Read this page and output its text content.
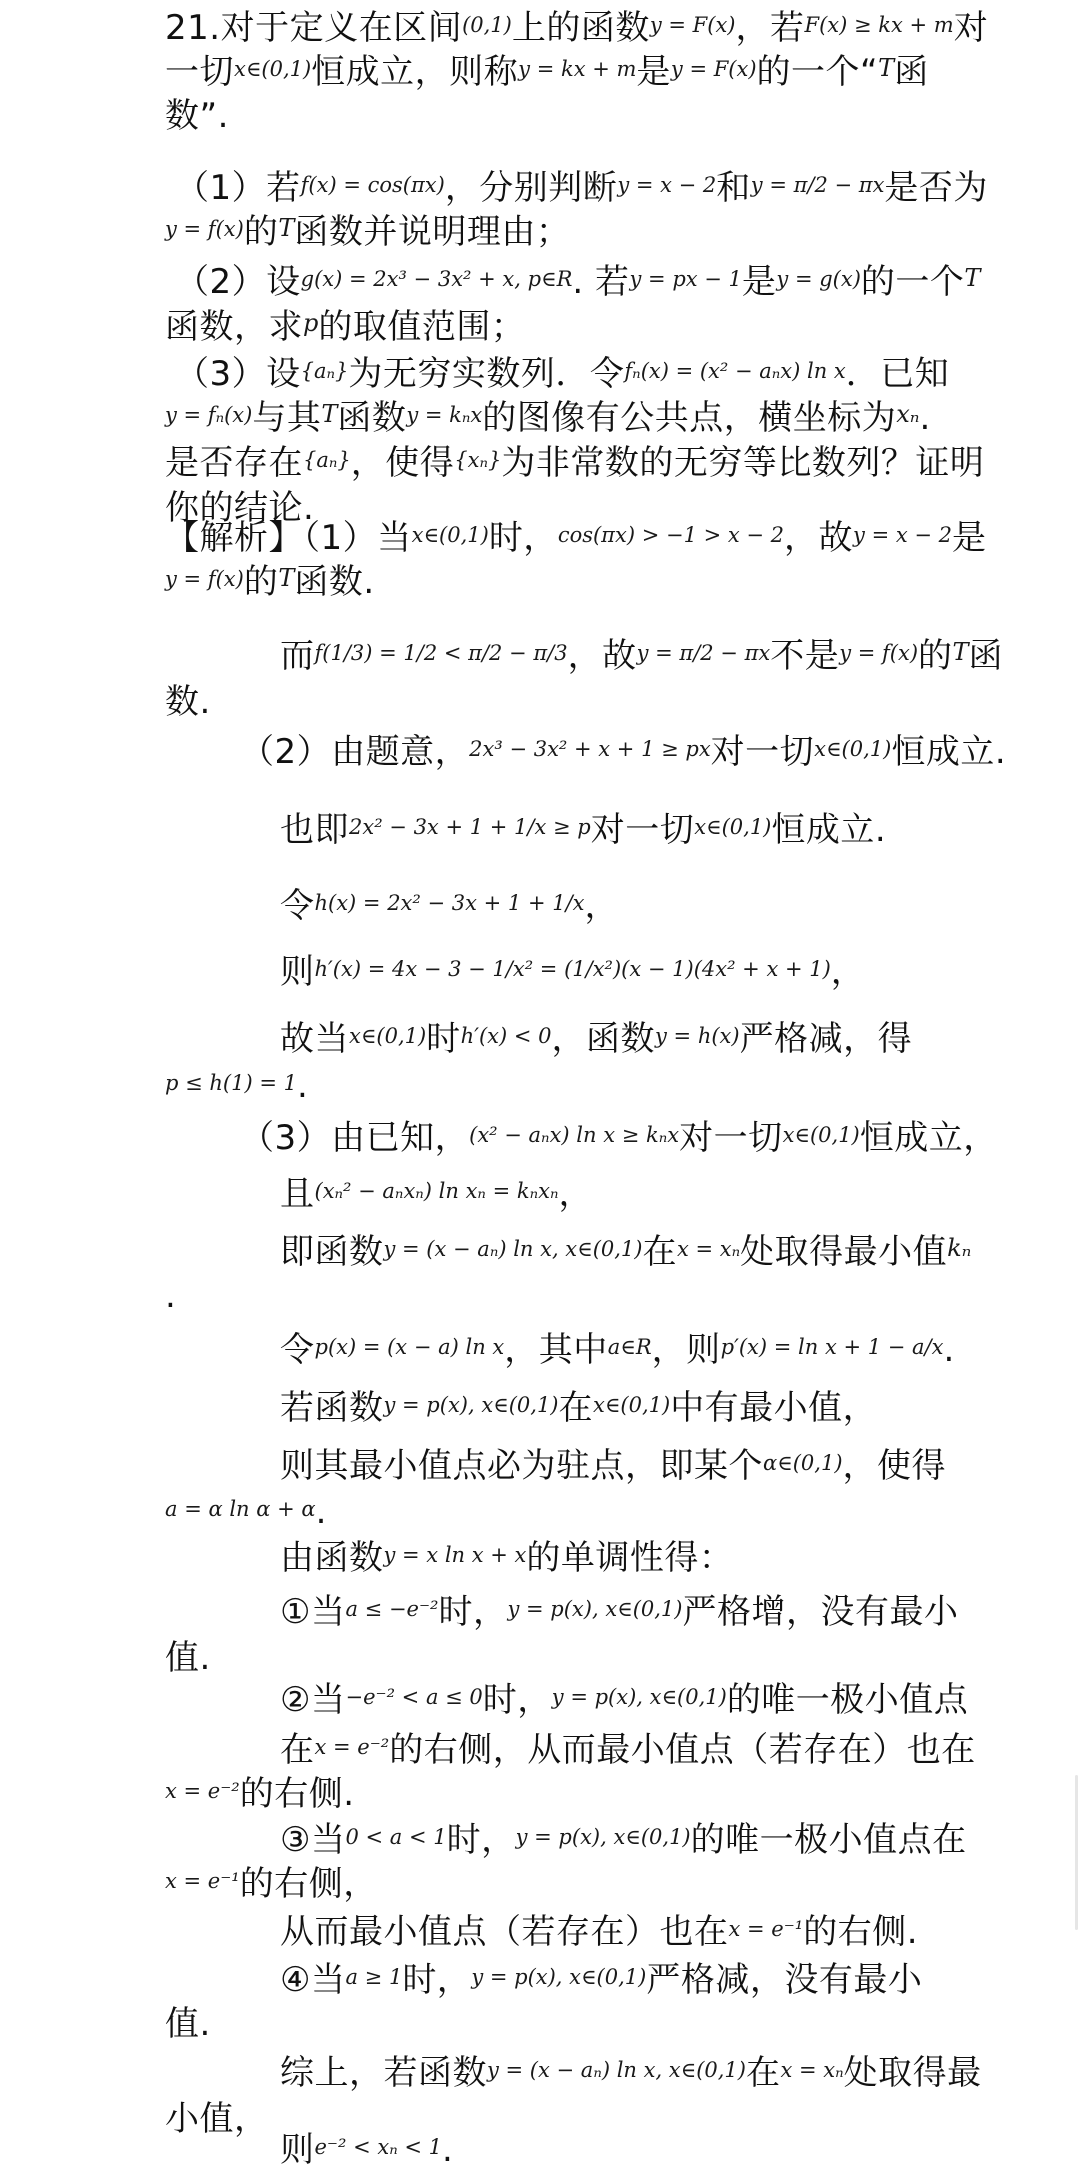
21.对于定义在区间$^{(0,1)}$上的函数$^{y = F(x)}$，若$^{F(x) \ge kx + m}$对
一切$^{x\in(0,1)}$恒成立，则称$^{y = kx + m}$是$^{y = F(x)}$的一个“$^T$函
数”.
（1）若$^{f(x) = cos(\pi x)}$，分别判断$^{y = x - 2}$和$^{y = \pi/2 - \pi x}$是否为
$^{y = f(x)}$的$^T$函数并说明理由；
（2）设$^{g(x) = 2x^3 - 3x^2 + x, p\in R}$. 若$^{y = px - 1}$是$^{y = g(x)}$的一个$^T$
函数，求$^p$的取值范围；
（3）设$^{\{a_n\}}$为无穷实数列．令$^{f_n(x) = (x^2 - a_nx) ln x}$．已知
$^{y = f_n(x)}$与其$^T$函数$^{y = k_nx}$的图像有公共点，横坐标为$^{x_n}$.
是否存在$^{\{a_n\}}$，使得$^{\{x_n\}}$为非常数的无穷等比数列？证明
你的结论.
【解析】（1）当$^{x\in(0,1)}$时，$^{cos(\pi x) > -1 > x - 2}$，故$^{y = x - 2}$是
$^{y = f(x)}$的$^T$函数.
而$^{f(1/3) = 1/2 < \pi/2 - \pi/3}$，故$^{y = \pi/2 - \pi x}$不是$^{y = f(x)}$的$^T$函
数.
（2）由题意，$^{2x^3 - 3x^2 + x + 1 \ge px}$对一切$^{x\in(0,1)}$恒成立.
也即$^{2x^2 - 3x + 1 + 1/x \ge p}$对一切$^{x\in(0,1)}$恒成立.
令$^{h(x) = 2x^2 - 3x + 1 + 1/x}$，
则$^{h'(x) = 4x - 3 - 1/x^2 = (1/x^2)(x - 1)(4x^2 + x + 1)}$，
故当$^{x\in(0,1)}$时$^{h'(x) < 0}$，函数$^{y = h(x)}$严格减，得
$^{p \le h(1) = 1}$.
（3）由已知，$^{(x^2 - a_nx) ln x \ge k_nx}$对一切$^{x\in(0,1)}$恒成立，
且$^{(x_n^2 - a_nx_n) ln x_n = k_nx_n}$，
即函数$^{y = (x - a_n) ln x, x\in(0,1)}$在$^{x = x_n}$处取得最小值$^{k_n}$
.
令$^{p(x) = (x - a) ln x}$，其中$^{a\in R}$，则$^{p'(x) = ln x + 1 - a/x}$.
若函数$^{y = p(x), x\in(0,1)}$在$^{x\in(0,1)}$中有最小值，
则其最小值点必为驻点，即某个$^{\alpha\in(0,1)}$，使得
$^{a = \alpha ln \alpha + \alpha}$.
由函数$^{y = x ln x + x}$的单调性得：
①当$^{a \le -e^{-2}}$时，$^{y = p(x), x\in(0,1)}$严格增，没有最小
值.
②当$^{-e^{-2} < a \le 0}$时，$^{y = p(x), x\in(0,1)}$的唯一极小值点
在$^{x = e^{-2}}$的右侧，从而最小值点（若存在）也在
$^{x = e^{-2}}$的右侧.
③当$^{0 < a < 1}$时，$^{y = p(x), x\in(0,1)}$的唯一极小值点在
$^{x = e^{-1}}$的右侧，
从而最小值点（若存在）也在$^{x = e^{-1}}$的右侧.
④当$^{a \ge 1}$时，$^{y = p(x), x\in(0,1)}$严格减，没有最小
值.
综上，若函数$^{y = (x - a_n) ln x, x\in(0,1)}$在$^{x = x_n}$处取得最
小值，
则$^{e^{-2} < x_n < 1}$.
